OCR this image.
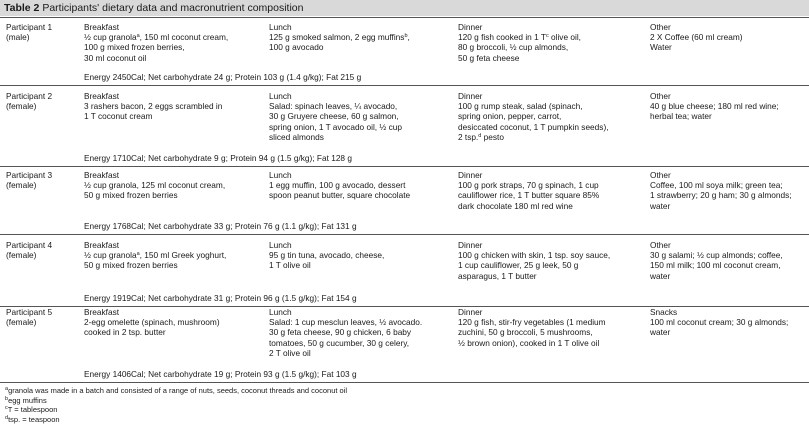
Table 2 Participants' dietary data and macronutrient composition
Participant 1
(male)
Breakfast
½ cup granola$^a$, 150 ml coconut cream,
100 g mixed frozen berries,
30 ml coconut oil
Lunch
125 g smoked salmon, 2 egg muffins$^b$,
100 g avocado
Dinner
120 g fish cooked in 1 $T^c$ olive oil,
80 g broccoli, ½ cup almonds,
50 g feta cheese
Other
2 X Coffee (60 ml cream)
Water
Energy 2450Cal; Net carbohydrate 24 g; Protein 103 g (1.4 g/kg); Fat 215 g
Participant 2
(female)
Breakfast
3 rashers bacon, 2 eggs scrambled in
1 T coconut cream
Lunch
Salad: spinach leaves, ¼ avocado,
30 g Gruyere cheese, 60 g salmon,
spring onion, 1 T avocado oil, ½ cup
sliced almonds
Dinner
100 g rump steak, salad (spinach,
spring onion, pepper, carrot,
desiccated coconut, 1 T pumpkin seeds),
2 tsp.$^d$ pesto
Other
40 g blue cheese; 180 ml red wine;
herbal tea; water
Energy 1710Cal; Net carbohydrate 9 g; Protein 94 g (1.5 g/kg); Fat 128 g
Participant 3
(female)
Breakfast
½ cup granola, 125 ml coconut cream,
50 g mixed frozen berries
Lunch
1 egg muffin, 100 g avocado, dessert
spoon peanut butter, square chocolate
Dinner
100 g pork straps, 70 g spinach, 1 cup
cauliflower rice, 1 T butter square 85%
dark chocolate 180 ml red wine
Other
Coffee, 100 ml soya milk; green tea;
1 strawberry; 20 g ham; 30 g almonds;
water
Energy 1768Cal; Net carbohydrate 33 g; Protein 76 g (1.1 g/kg); Fat 131 g
Participant 4
(female)
Breakfast
½ cup granola$^a$, 150 ml Greek yoghurt,
50 g mixed frozen berries
Lunch
95 g tin tuna, avocado, cheese,
1 T olive oil
Dinner
100 g chicken with skin, 1 tsp. soy sauce,
1 cup cauliflower, 25 g leek, 50 g
asparagus, 1 T butter
Other
30 g salami; ½ cup almonds; coffee,
150 ml milk; 100 ml coconut cream,
water
Energy 1919Cal; Net carbohydrate 31 g; Protein 96 g (1.5 g/kg); Fat 154 g
Participant 5
(female)
Breakfast
2-egg omelette (spinach, mushroom)
cooked in 2 tsp. butter
Lunch
Salad: 1 cup mesclun leaves, ½ avocado.
30 g feta cheese, 90 g chicken, 6 baby
tomatoes, 50 g cucumber, 30 g celery,
2 T olive oil
Dinner
120 g fish, stir-fry vegetables (1 medium
zuchini, 50 g broccoli, 5 mushrooms,
½ brown onion), cooked in 1 T olive oil
Snacks
100 ml coconut cream; 30 g almonds;
water
Energy 1406Cal; Net carbohydrate 19 g; Protein 93 g (1.5 g/kg); Fat 103 g
$^a$granola was made in a batch and consisted of a range of nuts, seeds, coconut threads and coconut oil
$^b$egg muffins
$^c$T = tablespoon
$^d$tsp. = teaspoon
